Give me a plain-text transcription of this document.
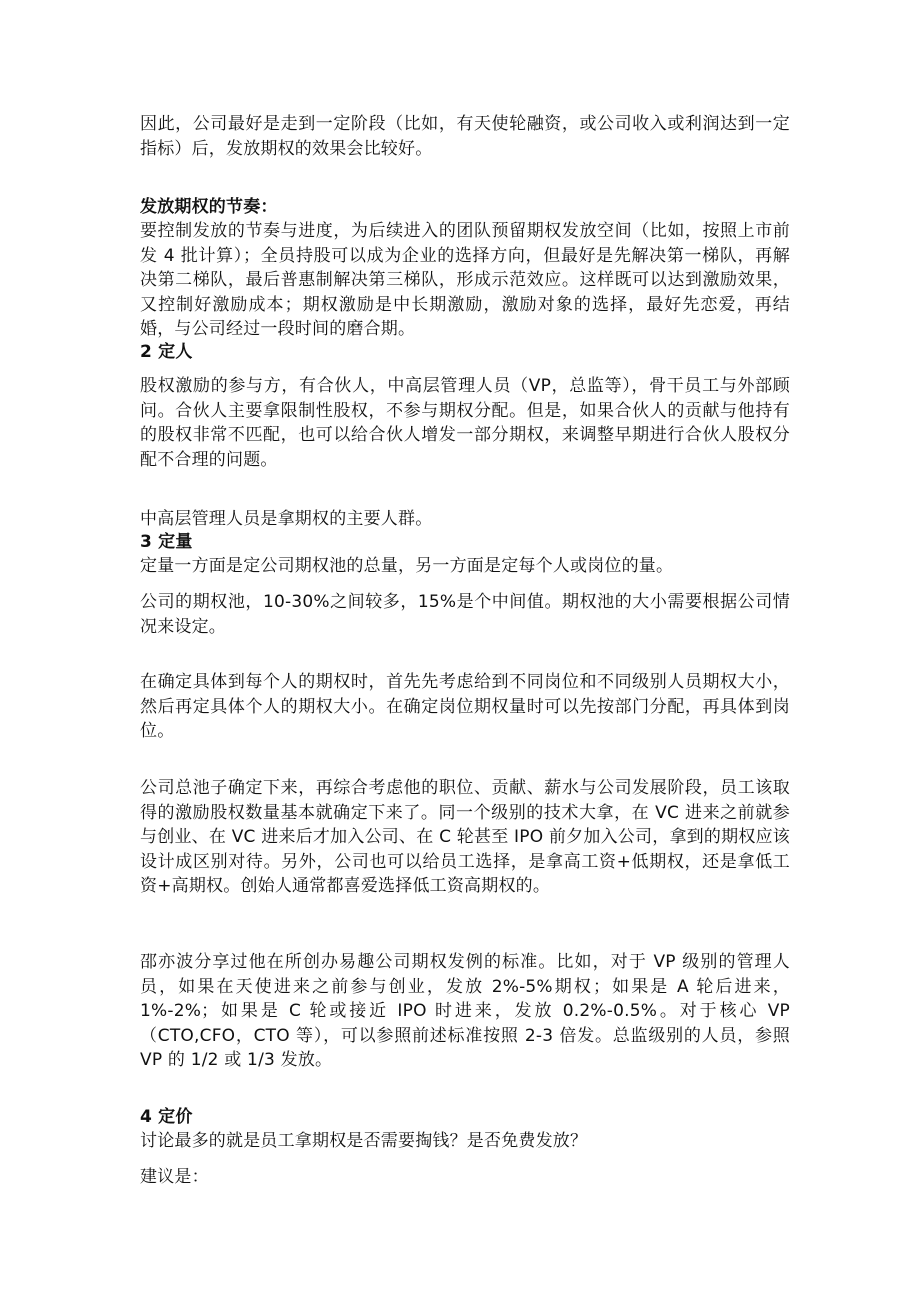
因此，公司最好是走到一定阶段（比如，有天使轮融资，或公司收入或利润达到一定指标）后，发放期权的效果会比较好。
发放期权的节奏：
要控制发放的节奏与进度，为后续进入的团队预留期权发放空间（比如，按照上市前发 4 批计算）；全员持股可以成为企业的选择方向，但最好是先解决第一梯队，再解决第二梯队，最后普惠制解决第三梯队，形成示范效应。这样既可以达到激励效果，又控制好激励成本；期权激励是中长期激励，激励对象的选择，最好先恋爱，再结婚，与公司经过一段时间的磨合期。
2 定人
股权激励的参与方，有合伙人，中高层管理人员（VP，总监等），骨干员工与外部顾问。合伙人主要拿限制性股权，不参与期权分配。但是，如果合伙人的贡献与他持有的股权非常不匹配，也可以给合伙人增发一部分期权，来调整早期进行合伙人股权分配不合理的问题。
中高层管理人员是拿期权的主要人群。
3 定量
定量一方面是定公司期权池的总量，另一方面是定每个人或岗位的量。
公司的期权池，10-30%之间较多，15%是个中间值。期权池的大小需要根据公司情况来设定。
在确定具体到每个人的期权时，首先先考虑给到不同岗位和不同级别人员期权大小，然后再定具体个人的期权大小。在确定岗位期权量时可以先按部门分配，再具体到岗位。
公司总池子确定下来，再综合考虑他的职位、贡献、薪水与公司发展阶段，员工该取得的激励股权数量基本就确定下来了。同一个级别的技术大拿，在 VC 进来之前就参与创业、在 VC 进来后才加入公司、在 C 轮甚至 IPO 前夕加入公司，拿到的期权应该设计成区别对待。另外，公司也可以给员工选择，是拿高工资+低期权，还是拿低工资+高期权。创始人通常都喜爱选择低工资高期权的。
邵亦波分享过他在所创办易趣公司期权发例的标准。比如，对于 VP 级别的管理人员，如果在天使进来之前参与创业，发放 2%-5%期权；如果是 A 轮后进来，1%-2%；如果是 C 轮或接近 IPO 时进来，发放 0.2%-0.5%。对于核心 VP（CTO,CFO，CTO 等），可以参照前述标准按照 2-3 倍发。总监级别的人员，参照 VP 的 1/2 或 1/3 发放。
4 定价
讨论最多的就是员工拿期权是否需要掏钱？是否免费发放？
建议是：
